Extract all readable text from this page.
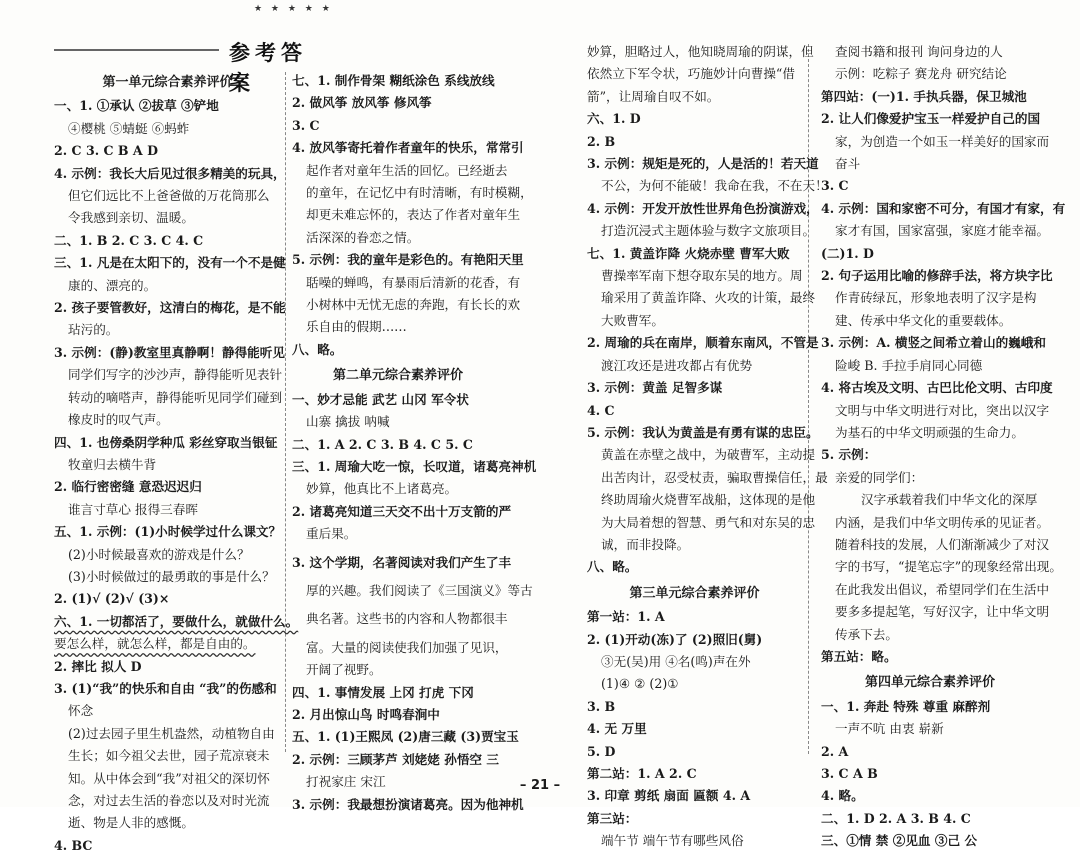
★ ★ ★ ★ ★
参考答案
第一单元综合素养评价
一、1. ①承认 ②拔草 ③铲地
④樱桃 ⑤蜻蜓 ⑥蚂蚱
2. C 3. C B A D
4. 示例：我长大后见过很多精美的玩具，
但它们远比不上爸爸做的万花筒那么
令我感到亲切、温暖。
二、1. B 2. C 3. C 4. C
三、1. 凡是在太阳下的，没有一个不是健
康的、漂亮的。
2. 孩子要管教好，这清白的梅花，是不能
玷污的。
3. 示例：(静)教室里真静啊！静得能听见
同学们写字的沙沙声，静得能听见表针
转动的嘀嗒声，静得能听见同学们碰到
橡皮时的叹气声。
四、1. 也傍桑阴学种瓜 彩丝穿取当银钲
牧童归去横牛背
2. 临行密密缝 意恐迟迟归
谁言寸草心 报得三春晖
五、1. 示例：(1)小时候学过什么课文？
(2)小时候最喜欢的游戏是什么？
(3)小时候做过的最勇敢的事是什么？
2. (1)√ (2)√ (3)×
六、1. 一切都活了，要做什么，就做什么。
要怎么样，就怎么样，都是自由的。
2. 摔比 拟人 D
3. (1)“我”的快乐和自由 “我”的伤感和
怀念
(2)过去园子里生机盎然，动植物自由
生长；如今祖父去世，园子荒凉衰未
知。从中体会到“我”对祖父的深切怀
念，对过去生活的眷恋以及对时光流
逝、物是人非的感慨。
4. BC
七、1. 制作骨架 糊纸涂色 系线放线
2. 做风筝 放风筝 修风筝
3. C
4. 放风筝寄托着作者童年的快乐，常常引
起作者对童年生活的回忆。已经逝去
的童年，在记忆中有时清晰，有时模糊，
却更未难忘怀的，表达了作者对童年生
活深深的眷恋之情。
5. 示例：我的童年是彩色的。有艳阳天里
聒噪的蝉鸣，有暴雨后清新的花香，有
小树林中无忧无虑的奔跑，有长长的欢
乐自由的假期……
八、略。
第二单元综合素养评价
一、妙才忌能 武艺 山冈 军令状
山寨 擒拔 呐喊
二、1. A 2. C 3. B 4. C 5. C
三、1. 周瑜大吃一惊，长叹道，诸葛亮神机
妙算，他真比不上诸葛亮。
2. 诸葛亮知道三天交不出十万支箭的严
重后果。
3. 这个学期，名著阅读对我们产生了丰
厚的兴趣。我们阅读了《三国演义》等古
典名著。这些书的内容和人物都很丰
富。大量的阅读使我们加强了见识，
开阔了视野。
四、1. 事情发展 上冈 打虎 下冈
2. 月出惊山鸟 时鸣春涧中
五、1. (1)王熙凤 (2)唐三藏 (3)贾宝玉
2. 示例：三顾茅芦 刘姥姥 孙悟空 三
打祝家庄 宋江
3. 示例：我最想扮演诸葛亮。因为他神机
妙算，胆略过人，他知晓周瑜的阴谋，但
依然立下军令状，巧施妙计向曹操“借
箭”，让周瑜自叹不如。
六、1. D
2. B
3. 示例：规矩是死的，人是活的！若天道
不公，为何不能破！我命在我，不在天！
4. 示例：开发开放性世界角色扮演游戏，
打造沉浸式主题体验与数字文旅项目。
七、1. 黄盖诈降 火烧赤壁 曹军大败
曹操率军南下想夺取东吴的地方。周
瑜采用了黄盖诈降、火攻的计策，最终
大败曹军。
2. 周瑜的兵在南岸，顺着东南风，不管是
渡江攻还是进攻都占有优势
3. 示例：黄盖 足智多谋
4. C
5. 示例：我认为黄盖是有勇有谋的忠臣。
黄盖在赤壁之战中，为破曹军，主动提
出苦肉计，忍受杖责，骗取曹操信任，最
终助周瑜火烧曹军战船，这体现的是他
为大局着想的智慧、勇气和对东吴的忠
诚，而非投降。
八、略。
第三单元综合素养评价
第一站：1. A
2. (1)开动(冻)了 (2)照旧(舅)
③无(吴)用 ④名(鸣)声在外
(1)④ ② (2)①
3. B
4. 无 万里
5. D
第二站：1. A 2. C
3. 印章 剪纸 扇面 匾额 4. A
第三站：
端午节 端午节有哪些风俗
查阅书籍和报刊 询问身边的人
示例：吃粽子 赛龙舟 研究结论
第四站：(一)1. 手执兵器，保卫城池
2. 让人们像爱护宝玉一样爱护自己的国
家，为创造一个如玉一样美好的国家而
奋斗
3. C
4. 示例：国和家密不可分，有国才有家，有
家才有国，国家富强，家庭才能幸福。
(二)1. D
2. 句子运用比喻的修辞手法，将方块字比
作青砖绿瓦，形象地表明了汉字是构
建、传承中华文化的重要载体。
3. 示例：A. 横竖之间希立着山的巍峨和
险峻 B. 手拉手肩同心同德
4. 将古埃及文明、古巴比伦文明、古印度
文明与中华文明进行对比，突出以汉字
为基石的中华文明顽强的生命力。
5. 示例：
亲爱的同学们：
汉字承载着我们中华文化的深厚
内涵，是我们中华文明传承的见证者。
随着科技的发展，人们渐渐减少了对汉
字的书写，“提笔忘字”的现象经常出现。
在此我发出倡议，希望同学们在生活中
要多多提起笔，写好汉字，让中华文明
传承下去。
第五站：略。
第四单元综合素养评价
一、1. 奔赴 特殊 尊重 麻醉剂
一声不吭 由衷 崭新
2. A
3. C A B
4. 略。
二、1. D 2. A 3. B 4. C
三、①情 禁 ②见血 ③己 公
– 21 –
